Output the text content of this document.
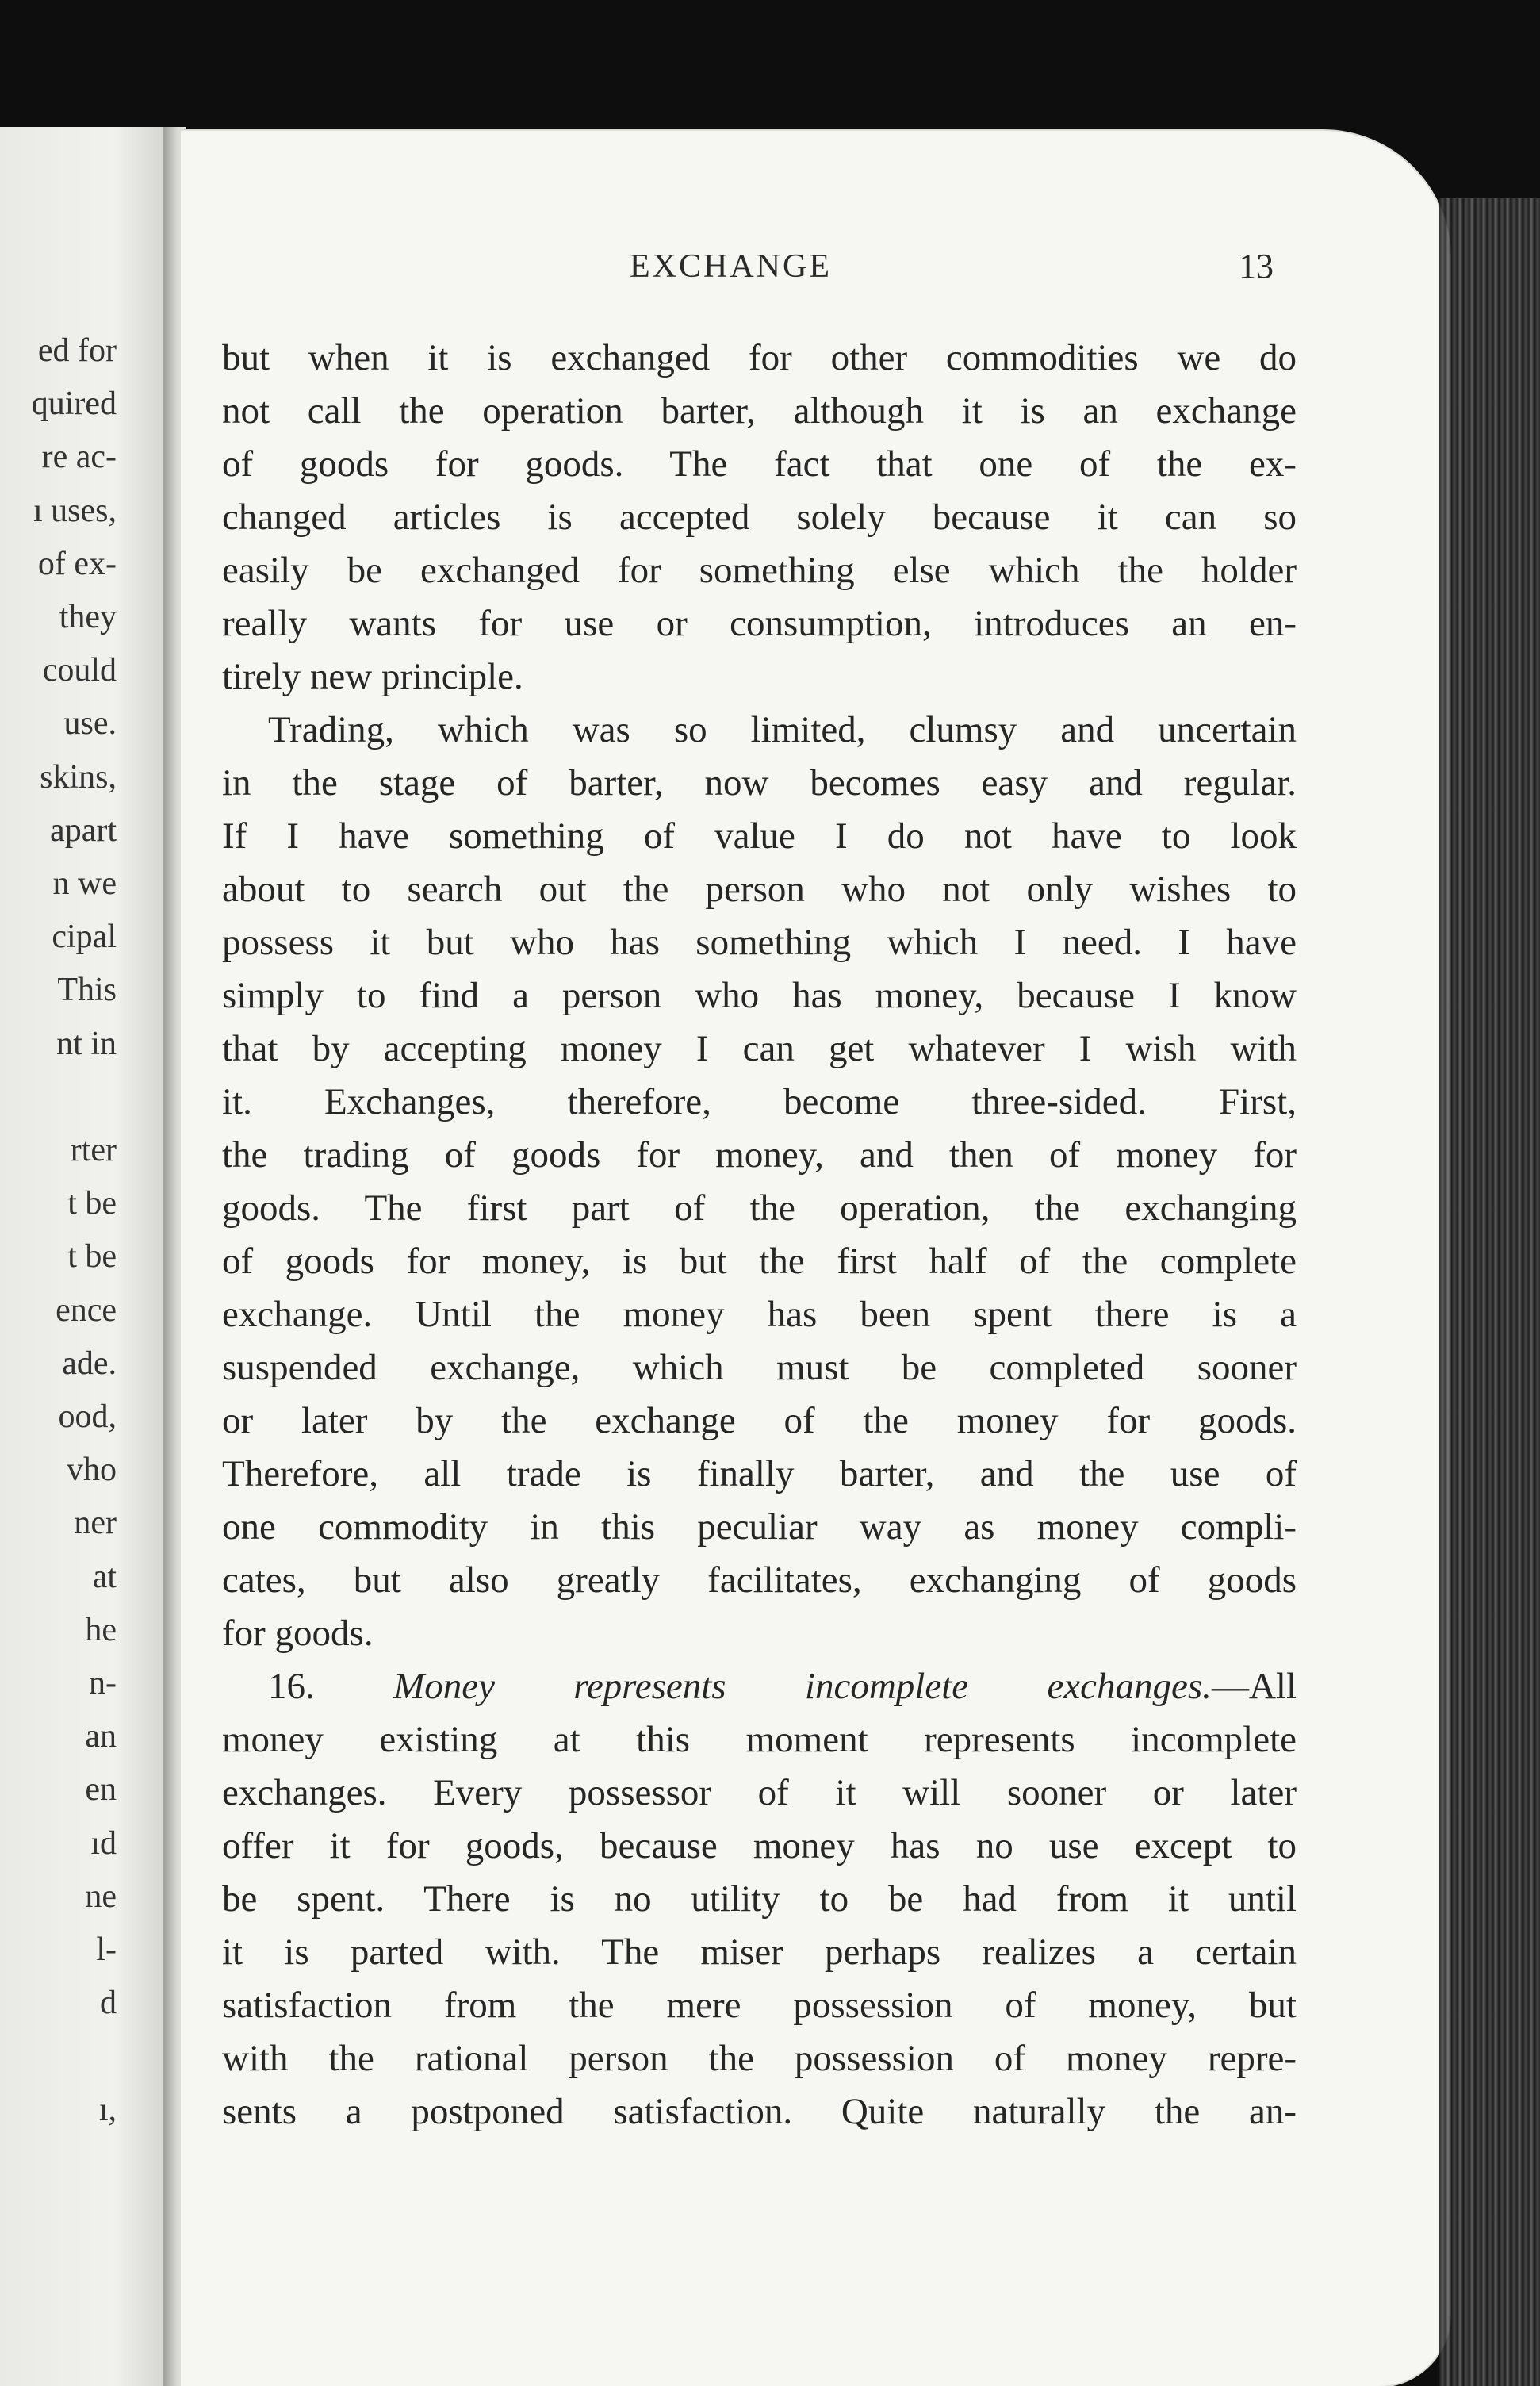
ed for
quired
re ac-
ı uses,
of ex-
they
could
use.
skins,
apart
n we
cipal
This
nt in
rter
t be
t be
ence
ade.
ood,
vho
ner
at
he
n-
an
en
ıd
ne
l-
d
ı,
EXCHANGE	13
but when it is exchanged for other commodities we do
not call the operation barter, although it is an exchange
of goods for goods. The fact that one of the ex-
changed articles is accepted solely because it can so
easily be exchanged for something else which the holder
really wants for use or consumption, introduces an en-
tirely new principle.
Trading, which was so limited, clumsy and uncertain
in the stage of barter, now becomes easy and regular.
If I have something of value I do not have to look
about to search out the person who not only wishes to
possess it but who has something which I need. I have
simply to find a person who has money, because I know
that by accepting money I can get whatever I wish with
it. Exchanges, therefore, become three-sided. First,
the trading of goods for money, and then of money for
goods. The first part of the operation, the exchanging
of goods for money, is but the first half of the complete
exchange. Until the money has been spent there is a
suspended exchange, which must be completed sooner
or later by the exchange of the money for goods.
Therefore, all trade is finally barter, and the use of
one commodity in this peculiar way as money compli-
cates, but also greatly facilitates, exchanging of goods
for goods.
16. Money represents incomplete exchanges.—All
money existing at this moment represents incomplete
exchanges. Every possessor of it will sooner or later
offer it for goods, because money has no use except to
be spent. There is no utility to be had from it until
it is parted with. The miser perhaps realizes a certain
satisfaction from the mere possession of money, but
with the rational person the possession of money repre-
sents a postponed satisfaction. Quite naturally the an-
